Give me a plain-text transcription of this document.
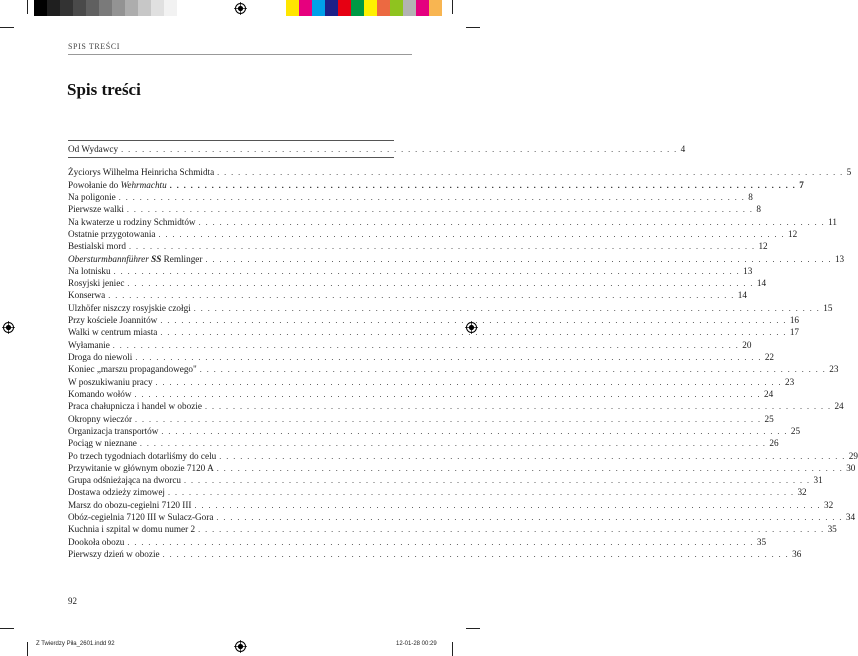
SPIS TREŚCI
Spis treści
Od Wydawcy . . . . . . . . . . . . . . . . . . . . . . . . . . . . . . . . . . . . . . . . . . . . . . . . . . . . . . . . . . . . . . . . . . . . . . . . . . . . . . . . 4
Życiorys Wilhelma Heinricha Schmidta . . . . . . . . . . . . . . . . . . . . . . . . . . . . . . . . . . . . . . . . . . . . . . . . . . . . . . . . . . . . . . . . . . . . . . . . . . . . . . . . . . . . . . . . . . 5
Powołanie do Wehrmachtu . . . . . . . . . . . . . . . . . . . . . . . . . . . . . . . . . . . . . . . . . . . . . . . . . . . . . . . . . . . . . . . . . . . . . . . . . . . . . . . . . . . . . . . . . . 7
Na poligonie . . . . . . . . . . . . . . . . . . . . . . . . . . . . . . . . . . . . . . . . . . . . . . . . . . . . . . . . . . . . . . . . . . . . . . . . . . . . . . . . . . . . . . . . . . 8
Pierwsze walki . . . . . . . . . . . . . . . . . . . . . . . . . . . . . . . . . . . . . . . . . . . . . . . . . . . . . . . . . . . . . . . . . . . . . . . . . . . . . . . . . . . . . . . . . . 8
Na kwaterze u rodziny Schmidtów . . . . . . . . . . . . . . . . . . . . . . . . . . . . . . . . . . . . . . . . . . . . . . . . . . . . . . . . . . . . . . . . . . . . . . . . . . . . . . . . . . . . . . . . . . 11
Ostatnie przygotowania . . . . . . . . . . . . . . . . . . . . . . . . . . . . . . . . . . . . . . . . . . . . . . . . . . . . . . . . . . . . . . . . . . . . . . . . . . . . . . . . . . . . . . . . . . 12
Bestialski mord . . . . . . . . . . . . . . . . . . . . . . . . . . . . . . . . . . . . . . . . . . . . . . . . . . . . . . . . . . . . . . . . . . . . . . . . . . . . . . . . . . . . . . . . . . 12
Obersturmbannführer SS Remlinger . . . . . . . . . . . . . . . . . . . . . . . . . . . . . . . . . . . . . . . . . . . . . . . . . . . . . . . . . . . . . . . . . . . . . . . . . . . . . . . . . . . . . . . . . . 13
Na lotnisku . . . . . . . . . . . . . . . . . . . . . . . . . . . . . . . . . . . . . . . . . . . . . . . . . . . . . . . . . . . . . . . . . . . . . . . . . . . . . . . . . . . . . . . . . . 13
Rosyjski jeniec . . . . . . . . . . . . . . . . . . . . . . . . . . . . . . . . . . . . . . . . . . . . . . . . . . . . . . . . . . . . . . . . . . . . . . . . . . . . . . . . . . . . . . . . . . 14
Konserwa . . . . . . . . . . . . . . . . . . . . . . . . . . . . . . . . . . . . . . . . . . . . . . . . . . . . . . . . . . . . . . . . . . . . . . . . . . . . . . . . . . . . . . . . . . 14
Ulzhöfer niszczy rosyjskie czołgi . . . . . . . . . . . . . . . . . . . . . . . . . . . . . . . . . . . . . . . . . . . . . . . . . . . . . . . . . . . . . . . . . . . . . . . . . . . . . . . . . . . . . . . . . . 15
Przy kościele Joannitów . . . . . . . . . . . . . . . . . . . . . . . . . . . . . . . . . . . . . . . . . . . . . . . . . . . . . . . . . . . . . . . . . . . . . . . . . . . . . . . . . . . . . . . . . . 16
Walki w centrum miasta . . . . . . . . . . . . . . . . . . . . . . . . . . . . . . . . . . . . . . . . . . . . . . . . . . . . . . . . . . . . . . . . . . . . . . . . . . . . . . . . . . . . . . . . . . 17
Wyłamanie . . . . . . . . . . . . . . . . . . . . . . . . . . . . . . . . . . . . . . . . . . . . . . . . . . . . . . . . . . . . . . . . . . . . . . . . . . . . . . . . . . . . . . . . . . 20
Droga do niewoli . . . . . . . . . . . . . . . . . . . . . . . . . . . . . . . . . . . . . . . . . . . . . . . . . . . . . . . . . . . . . . . . . . . . . . . . . . . . . . . . . . . . . . . . . . 22
Koniec „marszu propagandowego" . . . . . . . . . . . . . . . . . . . . . . . . . . . . . . . . . . . . . . . . . . . . . . . . . . . . . . . . . . . . . . . . . . . . . . . . . . . . . . . . . . . . . . . . . . 23
W poszukiwaniu pracy . . . . . . . . . . . . . . . . . . . . . . . . . . . . . . . . . . . . . . . . . . . . . . . . . . . . . . . . . . . . . . . . . . . . . . . . . . . . . . . . . . . . . . . . . . 23
Komando wołów . . . . . . . . . . . . . . . . . . . . . . . . . . . . . . . . . . . . . . . . . . . . . . . . . . . . . . . . . . . . . . . . . . . . . . . . . . . . . . . . . . . . . . . . . . 24
Praca chałupnicza i handel w obozie . . . . . . . . . . . . . . . . . . . . . . . . . . . . . . . . . . . . . . . . . . . . . . . . . . . . . . . . . . . . . . . . . . . . . . . . . . . . . . . . . . . . . . . . . . 24
Okropny wieczór . . . . . . . . . . . . . . . . . . . . . . . . . . . . . . . . . . . . . . . . . . . . . . . . . . . . . . . . . . . . . . . . . . . . . . . . . . . . . . . . . . . . . . . . . . 25
Organizacja transportów . . . . . . . . . . . . . . . . . . . . . . . . . . . . . . . . . . . . . . . . . . . . . . . . . . . . . . . . . . . . . . . . . . . . . . . . . . . . . . . . . . . . . . . . . . 25
Pociąg w nieznane . . . . . . . . . . . . . . . . . . . . . . . . . . . . . . . . . . . . . . . . . . . . . . . . . . . . . . . . . . . . . . . . . . . . . . . . . . . . . . . . . . . . . . . . . . 26
Po trzech tygodniach dotarliśmy do celu . . . . . . . . . . . . . . . . . . . . . . . . . . . . . . . . . . . . . . . . . . . . . . . . . . . . . . . . . . . . . . . . . . . . . . . . . . . . . . . . . . . . . . . . . . 29
Przywitanie w głównym obozie 7120 A . . . . . . . . . . . . . . . . . . . . . . . . . . . . . . . . . . . . . . . . . . . . . . . . . . . . . . . . . . . . . . . . . . . . . . . . . . . . . . . . . . . . . . . . . . 30
Grupa odśnieżająca na dworcu . . . . . . . . . . . . . . . . . . . . . . . . . . . . . . . . . . . . . . . . . . . . . . . . . . . . . . . . . . . . . . . . . . . . . . . . . . . . . . . . . . . . . . . . . . 31
Dostawa odzieży zimowej . . . . . . . . . . . . . . . . . . . . . . . . . . . . . . . . . . . . . . . . . . . . . . . . . . . . . . . . . . . . . . . . . . . . . . . . . . . . . . . . . . . . . . . . . . 32
Marsz do obozu-cegielni 7120 III . . . . . . . . . . . . . . . . . . . . . . . . . . . . . . . . . . . . . . . . . . . . . . . . . . . . . . . . . . . . . . . . . . . . . . . . . . . . . . . . . . . . . . . . . . 32
Obóz-cegielnia 7120 III w Sulacz-Gora . . . . . . . . . . . . . . . . . . . . . . . . . . . . . . . . . . . . . . . . . . . . . . . . . . . . . . . . . . . . . . . . . . . . . . . . . . . . . . . . . . . . . . . . . . 34
Kuchnia i szpital w domu numer 2 . . . . . . . . . . . . . . . . . . . . . . . . . . . . . . . . . . . . . . . . . . . . . . . . . . . . . . . . . . . . . . . . . . . . . . . . . . . . . . . . . . . . . . . . . . 35
Dookoła obozu . . . . . . . . . . . . . . . . . . . . . . . . . . . . . . . . . . . . . . . . . . . . . . . . . . . . . . . . . . . . . . . . . . . . . . . . . . . . . . . . . . . . . . . . . . 35
Pierwszy dzień w obozie . . . . . . . . . . . . . . . . . . . . . . . . . . . . . . . . . . . . . . . . . . . . . . . . . . . . . . . . . . . . . . . . . . . . . . . . . . . . . . . . . . . . . . . . . . 36
92
Z Twierdzy Piła_2601.indd 92	12-01-28 00:29
